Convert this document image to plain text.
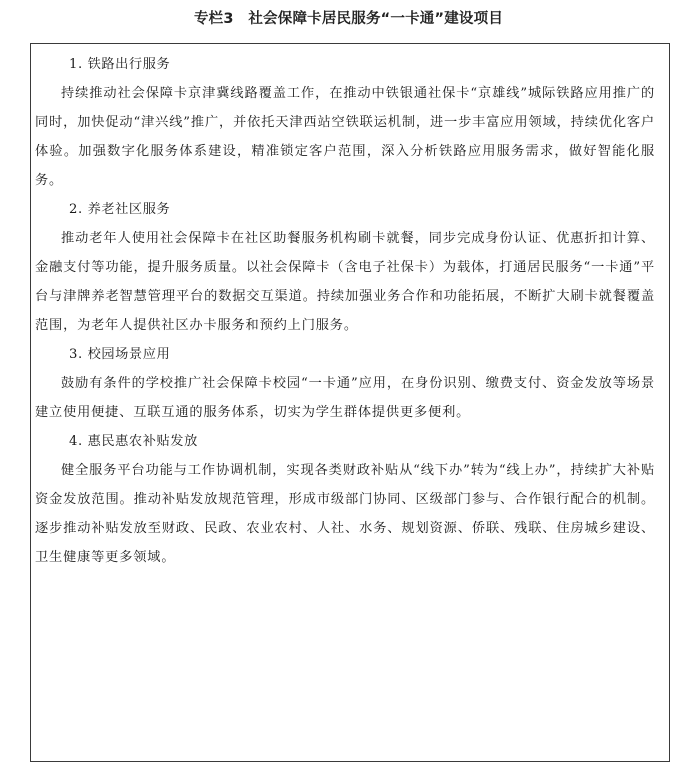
专栏3　社会保障卡居民服务“一卡通”建设项目
1. 铁路出行服务
持续推动社会保障卡京津冀线路覆盖工作，在推动中铁银通社保卡“京雄线”城际铁路应用推广的同时，加快促动“津兴线”推广，并依托天津西站空铁联运机制，进一步丰富应用领域，持续优化客户体验。加强数字化服务体系建设，精准锁定客户范围，深入分析铁路应用服务需求，做好智能化服务。
2. 养老社区服务
推动老年人使用社会保障卡在社区助餐服务机构刷卡就餐，同步完成身份认证、优惠折扣计算、金融支付等功能，提升服务质量。以社会保障卡（含电子社保卡）为载体，打通居民服务“一卡通”平台与津牌养老智慧管理平台的数据交互渠道。持续加强业务合作和功能拓展，不断扩大刷卡就餐覆盖范围，为老年人提供社区办卡服务和预约上门服务。
3. 校园场景应用
鼓励有条件的学校推广社会保障卡校园“一卡通”应用，在身份识别、缴费支付、资金发放等场景建立使用便捷、互联互通的服务体系，切实为学生群体提供更多便利。
4. 惠民惠农补贴发放
健全服务平台功能与工作协调机制，实现各类财政补贴从“线下办”转为“线上办”，持续扩大补贴资金发放范围。推动补贴发放规范管理，形成市级部门协同、区级部门参与、合作银行配合的机制。逐步推动补贴发放至财政、民政、农业农村、人社、水务、规划资源、侨联、残联、住房城乡建设、卫生健康等更多领域。
